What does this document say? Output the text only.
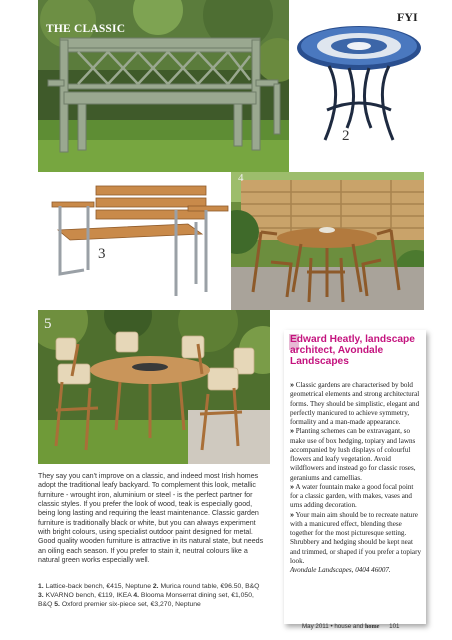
THE CLASSIC
FYI
2
3
4
5
They say you can't improve on a classic, and indeed most Irish homes adopt the traditional leafy backyard. To complement this look, metallic furniture - wrought iron, aluminium or steel - is the perfect partner for classic styles. If you prefer the look of wood, teak is especially good, being long lasting and requiring the least maintenance. Classic garden furniture is traditionally black or white, but you can always experiment with bright colours, using specialist outdoor paint designed for metal. Good quality wooden furniture is attractive in its natural state, but needs an oiling each season. If you prefer to stain it, neutral colours like a natural green works especially well.
1. Lattice-back bench, €415, Neptune 2. Murica round table, €96.50, B&Q
3. KVARNO bench, €119, IKEA 4. Blooma Monserrat dining set, €1,050, B&Q 5. Oxford premier six-piece set, €3,270, Neptune
Edward Heatly, landscape architect, Avondale Landscapes

» Classic gardens are characterised by bold geometrical elements and strong architectural forms. They should be simplistic, elegant and perfectly manicured to achieve symmetry, formality and a man-made appearance.

» Planting schemes can be extravagant, so make use of box hedging, topiary and lawns accompanied by lush displays of colourful flowers and leafy vegetation. Avoid wildflowers and instead go for classic roses, geraniums and camellias.

» A water fountain make a good focal point for a classic garden, with makes, vases and urns adding decoration.

» Your main aim should be to recreate nature with a manicured effect, blending these together for the most picturesque setting. Shrubbery and hedging should be kept neat and trimmed, or shaped if you prefer a topiary look.

Avondale Landscapes, 0404 46007.

May 2011 • house and home 101
